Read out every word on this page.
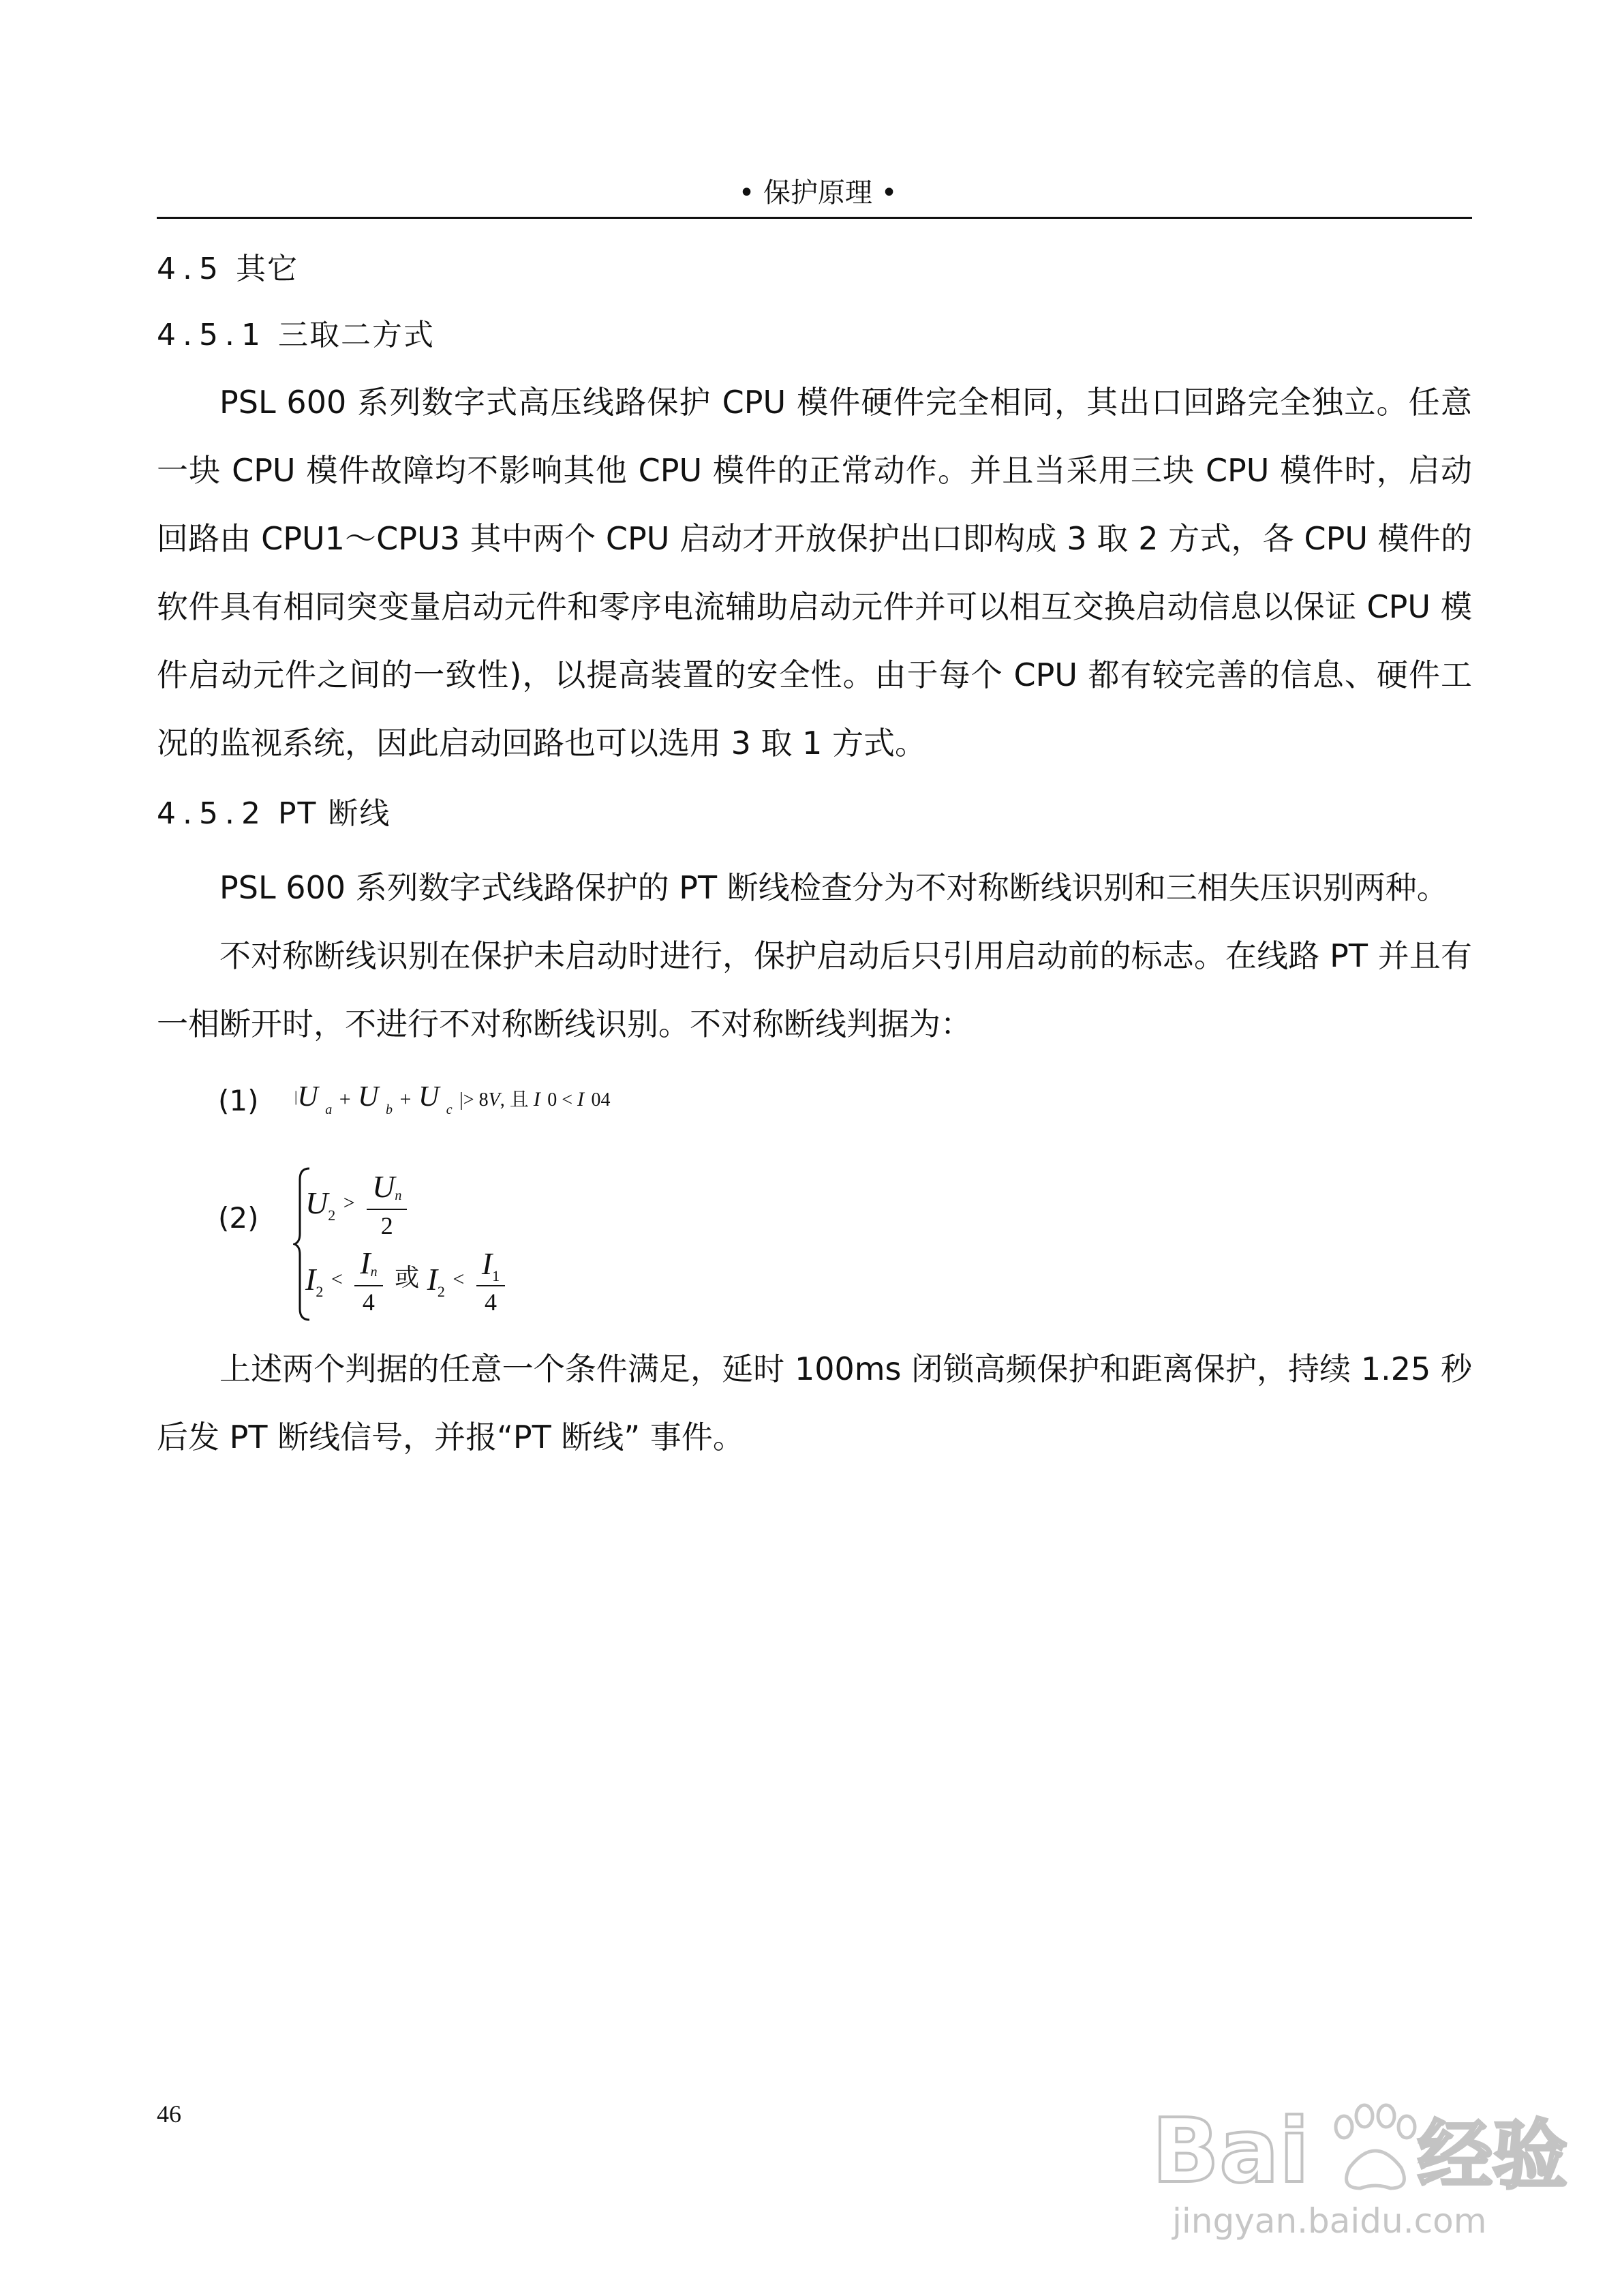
• 保护原理 •
4.5 其它
4.5.1 三取二方式

PSL 600 系列数字式高压线路保护 CPU 模件硬件完全相同，其出口回路完全独立。任意一块 CPU 模件故障均不影响其他 CPU 模件的正常动作。并且当采用三块 CPU 模件时，启动回路由 CPU1～CPU3 其中两个 CPU 启动才开放保护出口即构成 3 取 2 方式，各 CPU 模件的软件具有相同突变量启动元件和零序电流辅助启动元件并可以相互交换启动信息以保证 CPU 模件启动元件之间的一致性)，以提高装置的安全性。由于每个 CPU 都有较完善的信息、硬件工况的监视系统，因此启动回路也可以选用 3 取 1 方式。

4.5.2 PT 断线

PSL 600 系列数字式线路保护的 PT 断线检查分为不对称断线识别和三相失压识别两种。

不对称断线识别在保护未启动时进行，保护启动后只引用启动前的标志。在线路 PT 并且有一相断开时，不进行不对称断线识别。不对称断线判据为：

(1) |U $_a$ + U $_b$ + U $_c$ |> 8V, 且 I 0 < I 04
(2) $U_2 > \frac{Un}{2}$
$I_2 < \frac{In}{4}$ 或 $I_2 < \frac{I_1}{4}$

上述两个判据的任意一个条件满足，延时 100ms 闭锁高频保护和距离保护，持续 1.25 秒后发 PT 断线信号，并报“PT 断线” 事件。

46	Bai 经验
Bai du 经验
jingyan.baidu.com
